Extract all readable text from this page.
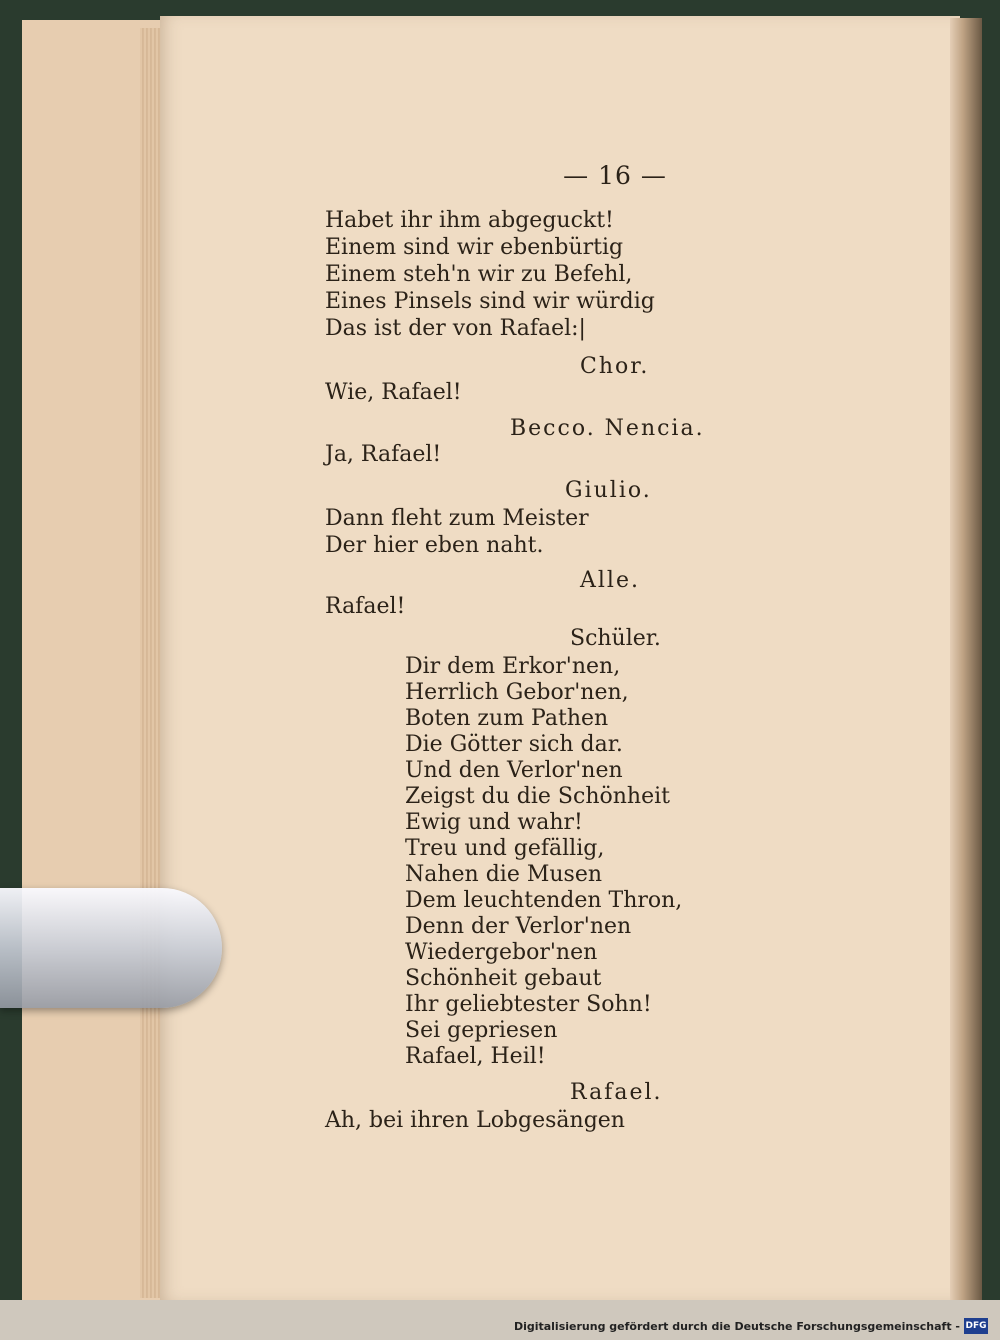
— 16 —
Habet ihr ihm abgeguckt!
Einem sind wir ebenbürtig
Einem steh'n wir zu Befehl,
Eines Pinsels sind wir würdig
Das ist der von Rafael:|
Chor.
Wie, Rafael!
Becco. Nencia.
Ja, Rafael!
Giulio.
Dann fleht zum Meister
Der hier eben naht.
Alle.
Rafael!
Schüler.
Dir dem Erkor'nen,
Herrlich Gebor'nen,
Boten zum Pathen
Die Götter sich dar.
Und den Verlor'nen
Zeigst du die Schönheit
Ewig und wahr!
Treu und gefällig,
Nahen die Musen
Dem leuchtenden Thron,
Denn der Verlor'nen
Wiedergebor'nen
Schönheit gebaut
Ihr geliebtester Sohn!
Sei gepriesen
Rafael, Heil!
Rafael.
Ah, bei ihren Lobgesängen
Digitalisierung gefördert durch die Deutsche Forschungsgemeinschaft - DFG
